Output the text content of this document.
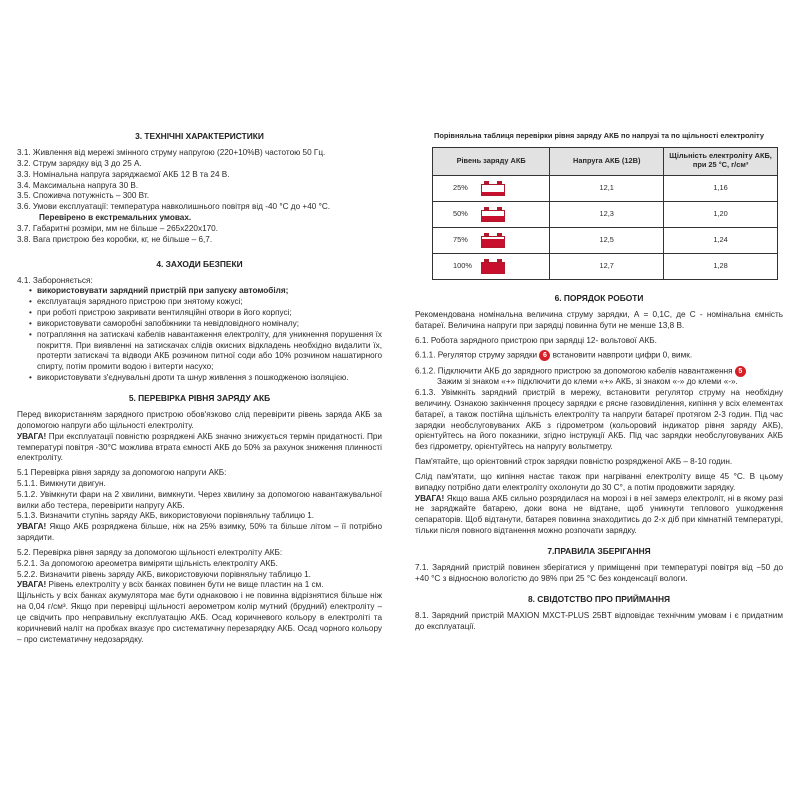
3. ТЕХНІЧНІ ХАРАКТЕРИСТИКИ

3.1. Живлення від мережі змінного струму напругою (220+10%В) частотою 50 Гц.

3.2. Струм зарядку від 3 до 25 А.

3.3. Номінальна напруга заряджаємої АКБ 12 В та 24 В.

3.4. Максимальна напруга 30 В.

3.5. Споживча потужність – 300 Вт.

3.6. Умови експлуатації: температура навколишнього повітря від -40 °С до +40 °С.

Перевірено в екстремальних умовах.

3.7. Габаритні розміри, мм не більше – 265x220x170.

3.8. Вага пристрою без коробки, кг, не більше – 6,7.

4. ЗАХОДИ БЕЗПЕКИ

4.1. Забороняється:

• використовувати зарядний пристрій при запуску автомобіля;

• експлуатація зарядного пристрою при знятому кожусі;

• при роботі пристрою закривати вентиляційні отвори в його корпусі;

• використовувати саморобні запобіжники та невідповідного номіналу;

• потрапляння на затискачі кабелів навантаження електроліту, для уникнення порушення їх покриття. При виявленні на затискачах слідів окисних відкладень необхідно видалити їх, протерти затискачі та відводи АКБ розчином питної соди або 10% розчином нашатирного спирту, потім промити водою і витерти насухо;

• використовувати з'єднувальні дроти та шнур живлення з пошкодженою ізоляцією.

5. ПЕРЕВІРКА РІВНЯ ЗАРЯДУ АКБ

Перед використанням зарядного пристрою обов'язково слід перевірити рівень заряда АКБ за допомогою напруги або щільності електроліту.

УВАГА! При експлуатації повністю розряджені АКБ значно знижується термін придатності. При температурі повітря -30°С можлива втрата ємності АКБ до 50% за рахунок зниження плинності електроліту.

5.1 Перевірка рівня заряду за допомогою напруги АКБ:

5.1.1. Вимкнути двигун.

5.1.2. Увімкнути фари на 2 хвилини, вимкнути. Через хвилину за допомогою навантажувальної вилки або тестера, перевірити напругу АКБ.

5.1.3. Визначити ступінь заряду АКБ, використовуючи порівняльну таблицю 1.

УВАГА! Якщо АКБ розряджена більше, ніж на 25% взимку, 50% та більше літом – її потрібно зарядити.

5.2. Перевірка рівня заряду за допомогою щільності електроліту АКБ:

5.2.1. За допомогою ареометра виміряти щільність електроліту АКБ.

5.2.2. Визначити рівень заряду АКБ, використовуючи порівняльну таблицю 1.

УВАГА! Рівень електроліту у всіх банках повинен бути не вище пластин на 1 см.

Щільність у всіх банках акумулятора має бути однаковою і не повинна відрізнятися більше ніж на 0,04 г/см³. Якщо при перевірці щільності аерометром колір мутний (брудний) електроліту – це свідчить про неправильну експлуатацію АКБ. Осад коричневого кольору в електроліті та коричневий наліт на пробках вказує про систематичну перезарядку АКБ. Осад чорного кольору – про систематичну недозарядку.

Порівняльна таблиця перевірки рівня заряду АКБ по напрузі та по щільності електроліту
Рівень заряду АКБ	Напруга АКБ (12В)	Щільність електроліту АКБ, при 25 °С, г/см³

25%	12,1	1,16

50%	12,3	1,20

75%	12,5	1,24

100%	12,7	1,28
6. ПОРЯДОК РОБОТИ

Рекомендована номінальна величина струму зарядки, А = 0,1С, де С - номінальна ємність батареї. Величина напруги при зарядці повинна бути не менше 13,8 В.

6.1. Робота зарядного пристрою при зарядці 12- вольтової АКБ.

6.1.1. Регулятор струму зарядки 6 встановити навпроти цифри 0, вимк.

6.1.2. Підключити АКБ до зарядного пристрою за допомогою кабелів навантаження 5

Зажим зі знаком «+» підключити до клеми «+» АКБ, зі знаком «-» до клеми «-».

6.1.3. Увімкніть зарядний пристрій в мережу, встановити регулятор струму на необхідну величину. Ознакою закінчення процесу зарядки є рясне газовиділення, кипіння у всіх елементах батареї, а також постійна щільність електроліту та напруги батареї протягом 2-3 годин. Під час зарядки необслуговуваних АКБ з гідрометром (кольоровий індикатор рівня заряду АКБ), орієнтуйтесь на його показники, згідно інструкції АКБ. Під час зарядки необслуговуваних АКБ без гідрометру, орієнтуйтесь на напругу вольтметру.

Пам'ятайте, що орієнтовний строк зарядки повністю розрядженої АКБ – 8-10 годин.

Слід пам'ятати, що кипіння настає також при нагріванні електроліту вище 45 °С. В цьому випадку потрібно дати електроліту охолонути до 30 С°, а потім продовжити зарядку.

УВАГА! Якщо ваша АКБ сильно розрядилася на морозі і в неї замерз електроліт, ні в якому разі не заряджайте батарею, доки вона не відтане, щоб уникнути теплового ушкодження сепараторів. Щоб відтанути, батарея повинна знаходитись до 2-х діб при кімнатній температурі, тільки після повного відтанення можно розпочати зарядку.

7.ПРАВИЛА ЗБЕРІГАННЯ

7.1. Зарядний пристрій повинен зберігатися у приміщенні при температурі повітря від −50 до +40 °С з відносною вологістю до 98% при 25 °С без конденсації вологи.

8. СВІДОТСТВО ПРО ПРИЙМАННЯ

8.1. Зарядний пристрій MAXION MXCT-PLUS 25BT відповідає технічним умовам і є придатним до експлуатації.
